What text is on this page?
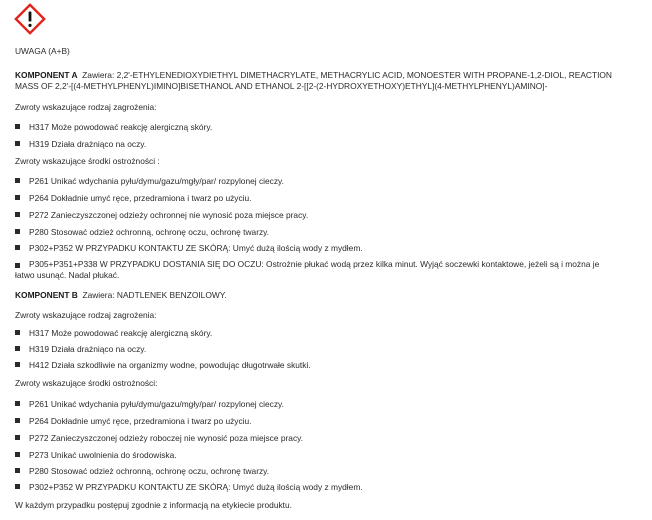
UWAGA (A+B)
KOMPONENT A Zawiera: 2,2'-ETHYLENEDIOXYDIETHYL DIMETHACRYLATE, METHACRYLIC ACID, MONOESTER WITH PROPANE-1,2-DIOL, REACTION
MASS OF 2,2'-[(4-METHYLPHENYL)IMINO]BISETHANOL AND ETHANOL 2-[[2-(2-HYDROXYETHOXY)ETHYL](4-METHYLPHENYL)AMINO]-
Zwroty wskazujące rodzaj zagrożenia:
H317 Może powodować reakcję alergiczną skóry.
H319 Działa drażniąco na oczy.
Zwroty wskazujące środki ostrożności :
P261 Unikać wdychania pyłu/dymu/gazu/mgły/par/ rozpylonej cieczy.
P264 Dokładnie umyć ręce, przedramiona i twarz po użyciu.
P272 Zanieczyszczonej odzieży ochronnej nie wynosić poza miejsce pracy.
P280 Stosować odzież ochronną, ochronę oczu, ochronę twarzy.
P302+P352 W PRZYPADKU KONTAKTU ZE SKÓRĄ: Umyć dużą ilością wody z mydłem.
P305+P351+P338 W PRZYPADKU DOSTANIA SIĘ DO OCZU: Ostrożnie płukać wodą przez kilka minut. Wyjąć soczewki kontaktowe, jeżeli są i można je
łatwo usunąć. Nadal płukać.
KOMPONENT B Zawiera: NADTLENEK BENZOILOWY.
Zwroty wskazujące rodzaj zagrożenia:
H317 Może powodować reakcję alergiczną skóry.
H319 Działa drażniąco na oczy.
H412 Działa szkodliwie na organizmy wodne, powodując długotrwałe skutki.
Zwroty wskazujące środki ostrożności:
P261 Unikać wdychania pyłu/dymu/gazu/mgły/par/ rozpylonej cieczy.
P264 Dokładnie umyć ręce, przedramiona i twarz po użyciu.
P272 Zanieczyszczonej odzieży roboczej nie wynosić poza miejsce pracy.
P273 Unikać uwolnienia do środowiska.
P280 Stosować odzież ochronną, ochronę oczu, ochronę twarzy.
P302+P352 W PRZYPADKU KONTAKTU ZE SKÓRĄ: Umyć dużą ilością wody z mydłem.
W każdym przypadku postępuj zgodnie z informacją na etykiecie produktu.
